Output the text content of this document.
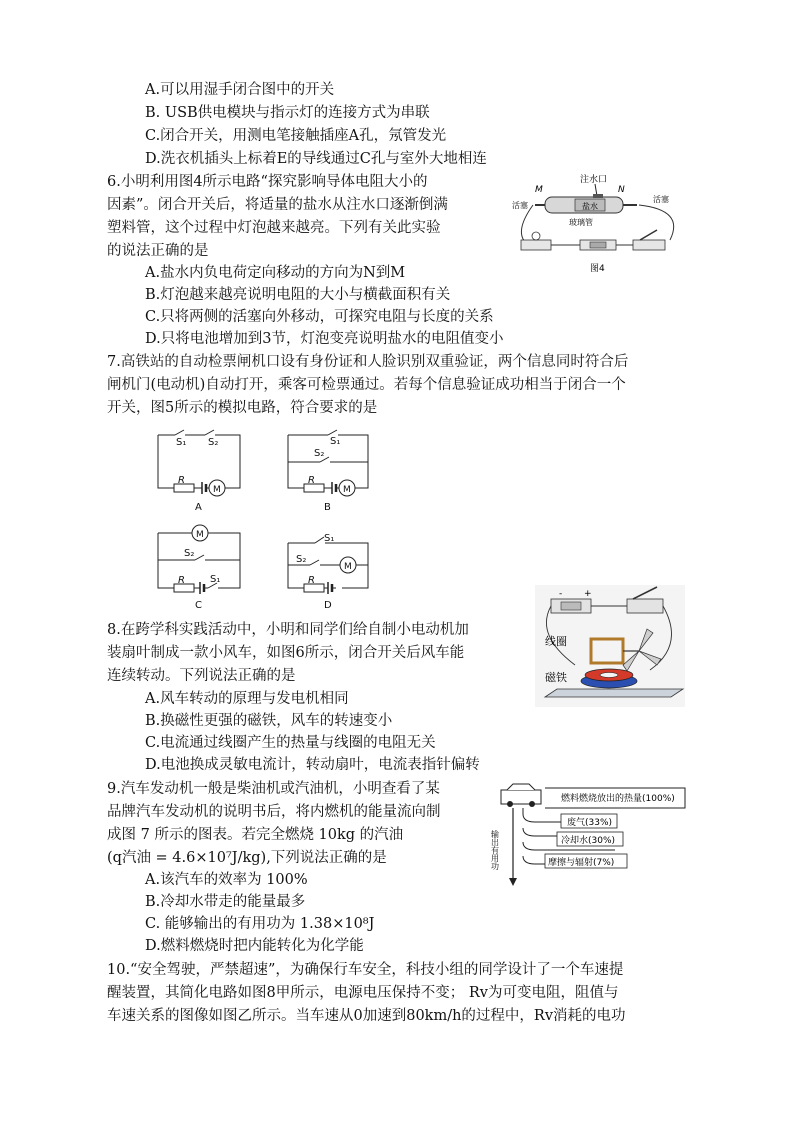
A.可以用湿手闭合图中的开关
B. USB供电模块与指示灯的连接方式为串联
C.闭合开关，用测电笔接触插座A孔，氖管发光
D.洗衣机插头上标着E的导线通过C孔与室外大地相连
6.小明利用图4所示电路“探究影响导体电阻大小的
因素”。闭合开关后，将适量的盐水从注水口逐渐倒满
塑料管，这个过程中灯泡越来越亮。下列有关此实验
的说法正确的是
A.盐水内负电荷定向移动的方向为N到M
B.灯泡越来越亮说明电阻的大小与横截面积有关
C.只将两侧的活塞向外移动，可探究电阻与长度的关系
D.只将电池增加到3节，灯泡变亮说明盐水的电阻值变小
注水口
M	N
盐水
活塞
活塞
玻璃管
图4
7.高铁站的自动检票闸机口设有身份证和人脸识别双重验证，两个信息同时符合后
闸机门(电动机)自动打开，乘客可检票通过。若每个信息验证成功相当于闭合一个
开关，图5所示的模拟电路，符合要求的是
S₁ S₂
R
M
A
S₁
S₂
R
M
B
M
S₂
R	S₁
C
S₁
S₂
M
R
D
8.在跨学科实践活动中，小明和同学们给自制小电动机加
装扇叶制成一款小风车，如图6所示，闭合开关后风车能
连续转动。下列说法正确的是
A.风车转动的原理与发电机相同
B.换磁性更强的磁铁，风车的转速变小
C.电流通过线圈产生的热量与线圈的电阻无关
D.电池换成灵敏电流计，转动扇叶，电流表指针偏转
+
-
线圈
磁铁
9.汽车发动机一般是柴油机或汽油机，小明查看了某
品牌汽车发动机的说明书后，将内燃机的能量流向制
成图 7 所示的图表。若完全燃烧 10kg 的汽油
(q汽油 = 4.6×10⁷J/kg),下列说法正确的是
A.该汽车的效率为 100%
B.冷却水带走的能量最多
C. 能够输出的有用功为 1.38×10⁸J
D.燃料燃烧时把内能转化为化学能
燃料燃烧放出的热量(100%)
废气(33%)
冷却水(30%)
摩擦与辐射(7%)
输出有用功
10.“安全驾驶，严禁超速”，为确保行车安全，科技小组的同学设计了一个车速提
醒装置，其简化电路如图8甲所示，电源电压保持不变； Rv为可变电阻，阻值与
车速关系的图像如图乙所示。当车速从0加速到80km/h的过程中，Rv消耗的电功
